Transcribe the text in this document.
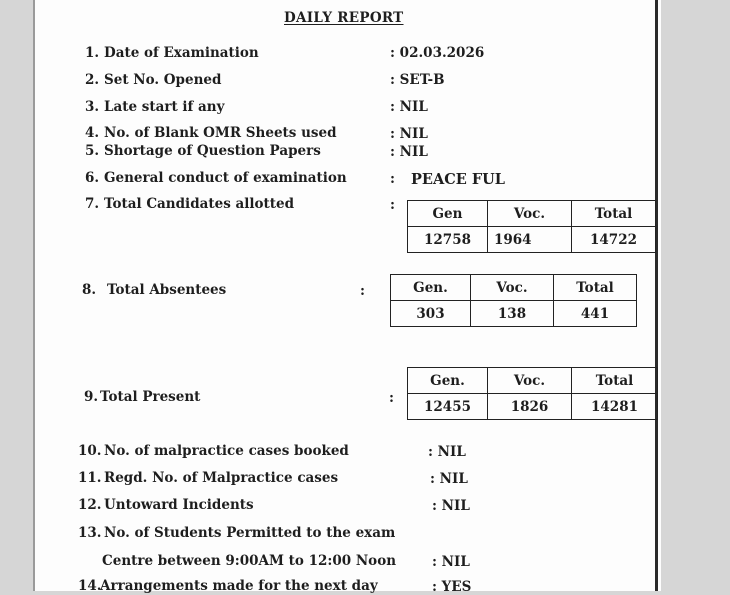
DAILY REPORT
1. Date of Examination	: 02.03.2026
2. Set No. Opened	: SET-B
3. Late start if any	: NIL
4. No. of Blank OMR Sheets used	: NIL
5. Shortage of Question Papers	: NIL
6. General conduct of examination	: PEACE FUL
7. Total Candidates allotted	:
Gen	Voc.	Total
12758	1964	14722
8. Total Absentees	:	Gen.	Voc.	Total
303	138	441
9. Total Present	:
Gen.	Voc.	Total
12455	1826	14281
10. No. of malpractice cases booked	: NIL
11. Regd. No. of Malpractice cases	: NIL
12. Untoward Incidents	: NIL
13. No. of Students Permitted to the exam
Centre between 9:00AM to 12:00 Noon	: NIL
14.
Arrangements made for the next day	: YES
